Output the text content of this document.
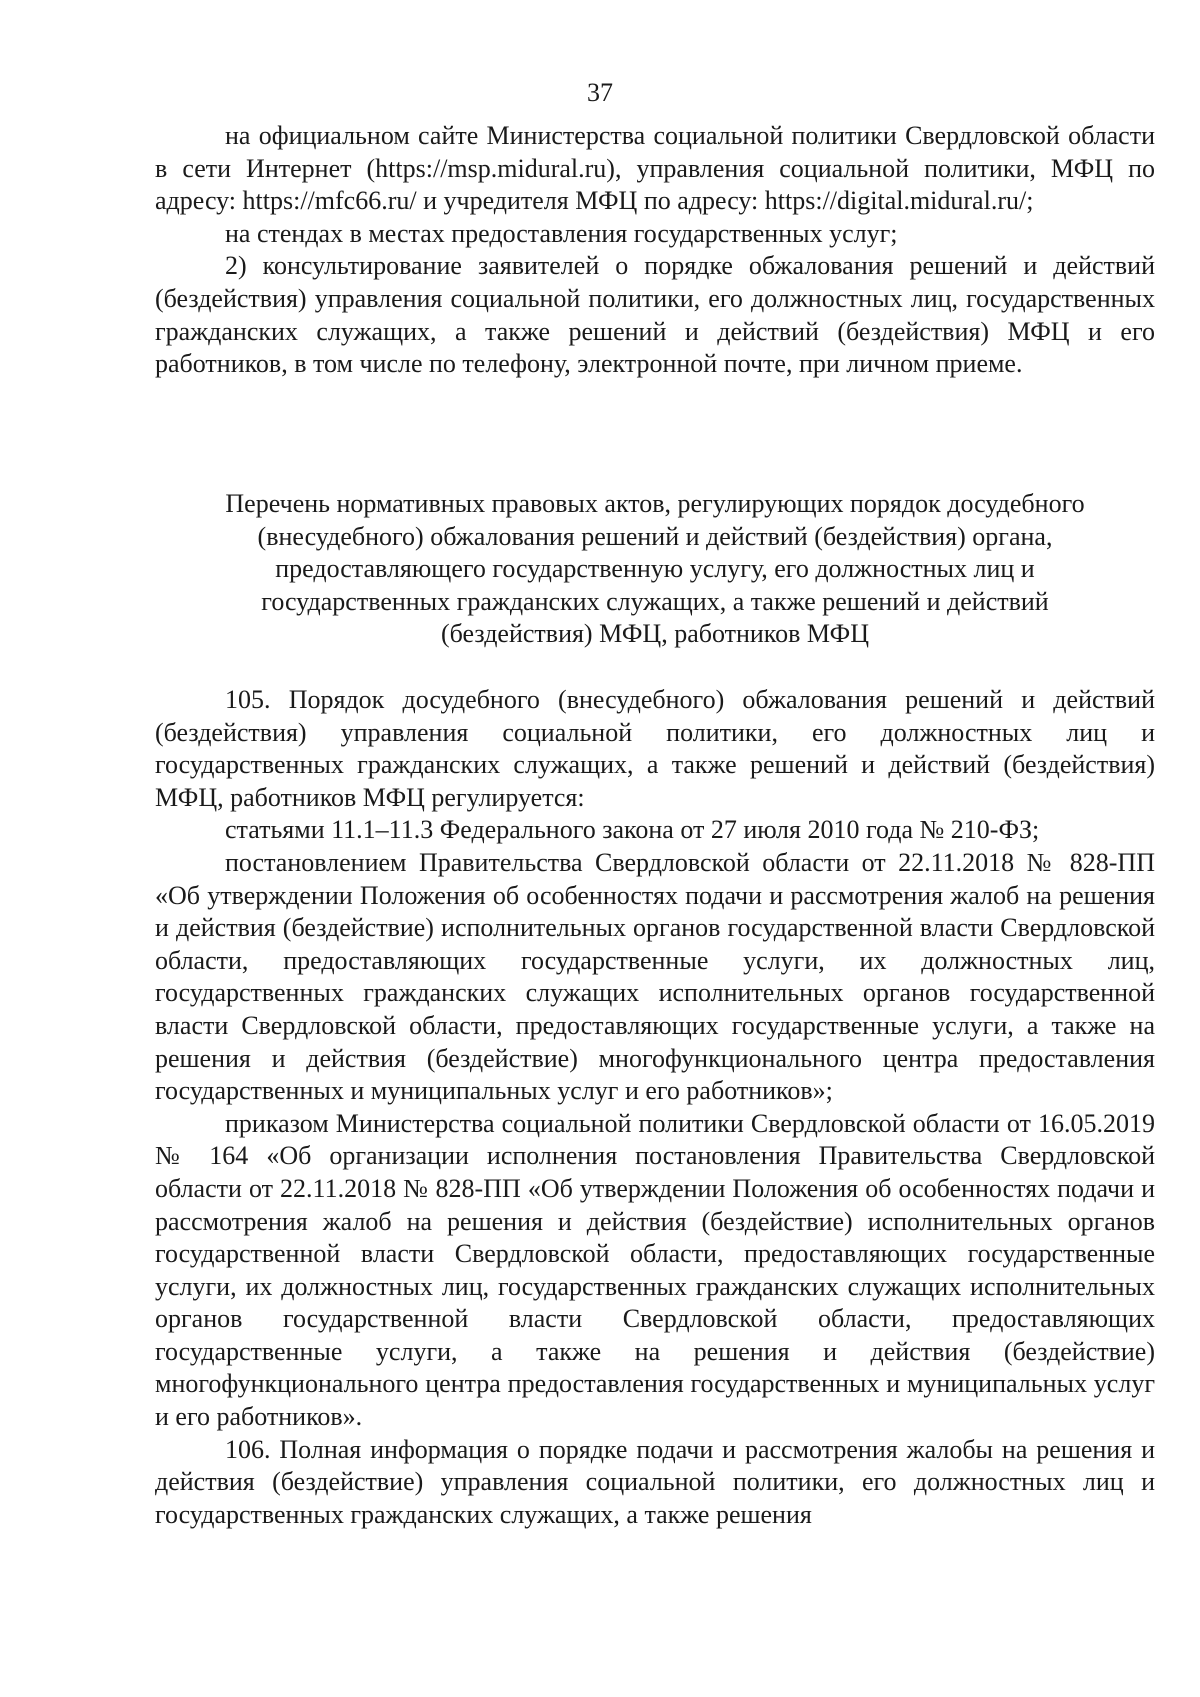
37

на официальном сайте Министерства социальной политики Свердловской области в сети Интернет (https://msp.midural.ru), управления социальной политики, МФЦ по адресу: https://mfc66.ru/ и учредителя МФЦ по адресу: https://digital.midural.ru/;

на стендах в местах предоставления государственных услуг;

2) консультирование заявителей о порядке обжалования решений и действий (бездействия) управления социальной политики, его должностных лиц, государственных гражданских служащих, а также решений и действий (бездействия) МФЦ и его работников, в том числе по телефону, электронной почте, при личном приеме.

Перечень нормативных правовых актов, регулирующих порядок досудебного
(внесудебного) обжалования решений и действий (бездействия) органа,
предоставляющего государственную услугу, его должностных лиц и
государственных гражданских служащих, а также решений и действий
(бездействия) МФЦ, работников МФЦ

105. Порядок досудебного (внесудебного) обжалования решений и действий (бездействия) управления социальной политики, его должностных лиц и государственных гражданских служащих, а также решений и действий (бездействия) МФЦ, работников МФЦ регулируется:

статьями 11.1–11.3 Федерального закона от 27 июля 2010 года № 210-ФЗ;

постановлением Правительства Свердловской области от 22.11.2018 № 828-ПП «Об утверждении Положения об особенностях подачи и рассмотрения жалоб на решения и действия (бездействие) исполнительных органов государственной власти Свердловской области, предоставляющих государственные услуги, их должностных лиц, государственных гражданских служащих исполнительных органов государственной власти Свердловской области, предоставляющих государственные услуги, а также на решения и действия (бездействие) многофункционального центра предоставления государственных и муниципальных услуг и его работников»;

приказом Министерства социальной политики Свердловской области от 16.05.2019 № 164 «Об организации исполнения постановления Правительства Свердловской области от 22.11.2018 № 828-ПП «Об утверждении Положения об особенностях подачи и рассмотрения жалоб на решения и действия (бездействие) исполнительных органов государственной власти Свердловской области, предоставляющих государственные услуги, их должностных лиц, государственных гражданских служащих исполнительных органов государственной власти Свердловской области, предоставляющих государственные услуги, а также на решения и действия (бездействие) многофункционального центра предоставления государственных и муниципальных услуг и его работников».

106. Полная информация о порядке подачи и рассмотрения жалобы на решения и действия (бездействие) управления социальной политики, его должностных лиц и государственных гражданских служащих, а также решения
